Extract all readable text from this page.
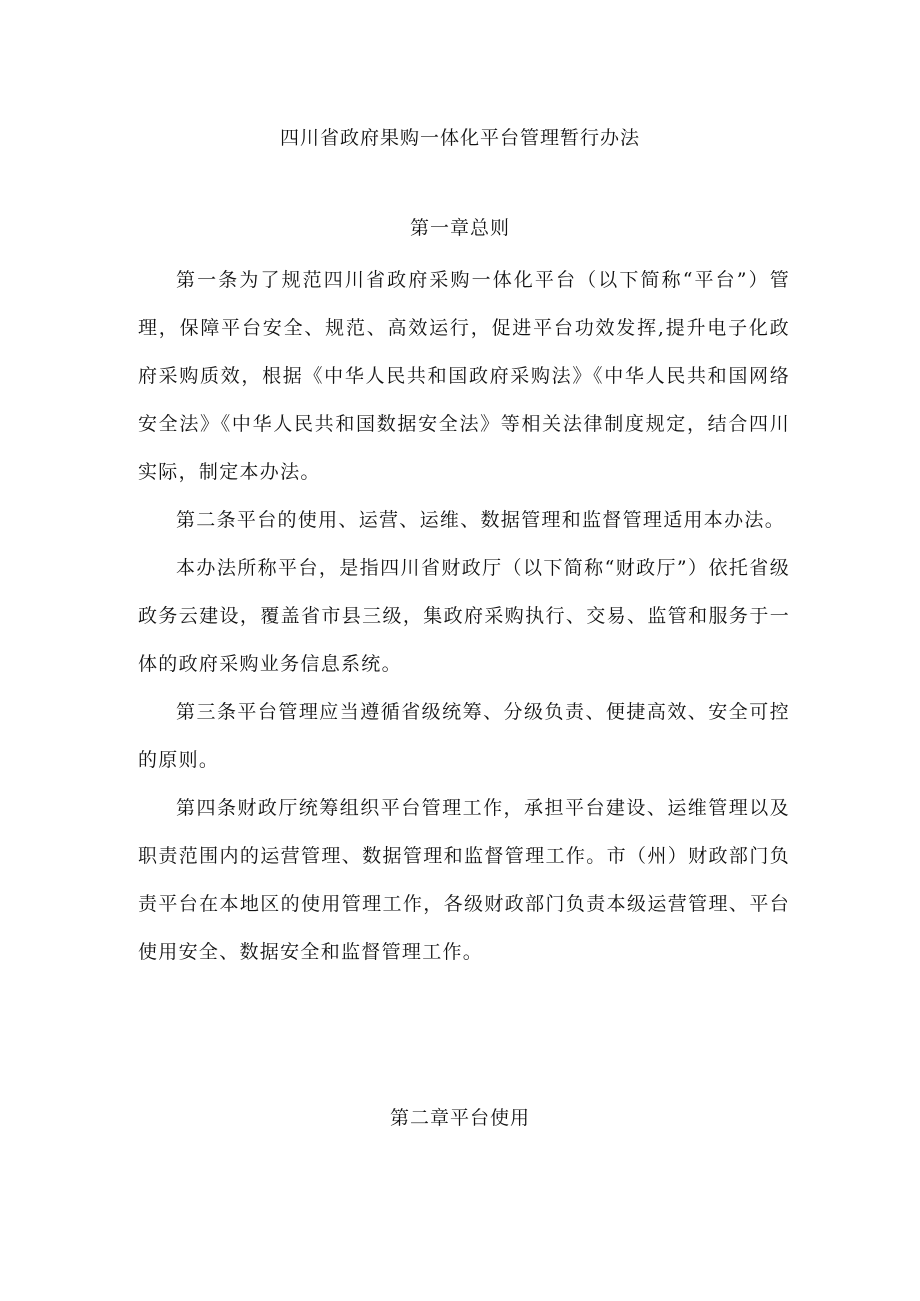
四川省政府果购一体化平台管理暂行办法
第一章总则

第一条为了规范四川省政府采购一体化平台（以下简称“平台”）管理，保障平台安全、规范、高效运行，促进平台功效发挥,提升电子化政府采购质效，根据《中华人民共和国政府采购法》《中华人民共和国网络安全法》《中华人民共和国数据安全法》等相关法律制度规定，结合四川实际，制定本办法。

第二条平台的使用、运营、运维、数据管理和监督管理适用本办法。

本办法所称平台，是指四川省财政厅（以下简称“财政厅”）依托省级政务云建设，覆盖省市县三级，集政府采购执行、交易、监管和服务于一体的政府采购业务信息系统。

第三条平台管理应当遵循省级统筹、分级负责、便捷高效、安全可控的原则。

第四条财政厅统筹组织平台管理工作，承担平台建设、运维管理以及职责范围内的运营管理、数据管理和监督管理工作。市（州）财政部门负责平台在本地区的使用管理工作，各级财政部门负责本级运营管理、平台使用安全、数据安全和监督管理工作。

第二章平台使用
